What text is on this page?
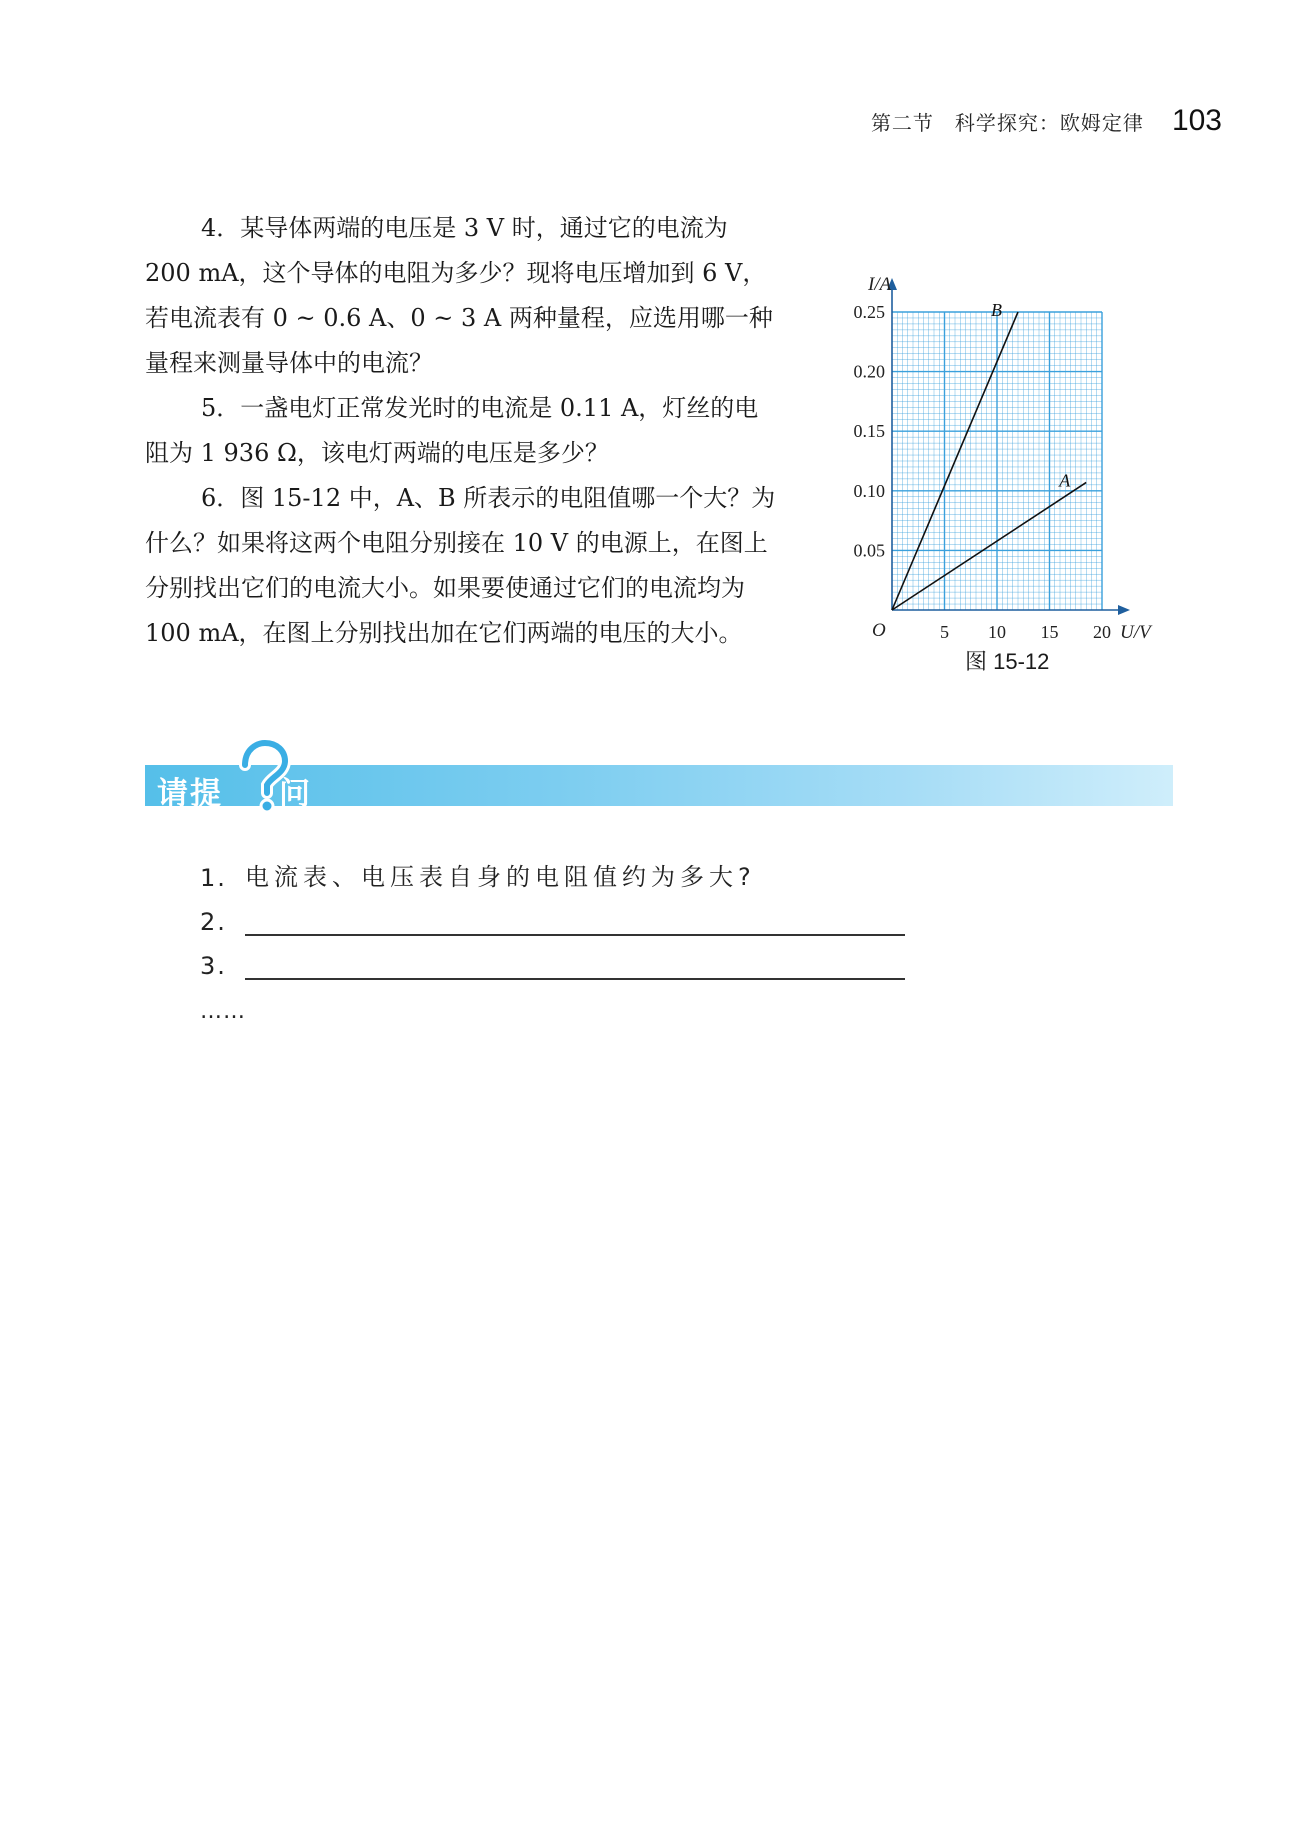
第二节　科学探究：欧姆定律 103
4．某导体两端的电压是 3 V 时，通过它的电流为
200 mA，这个导体的电阻为多少？现将电压增加到 6 V，
若电流表有 0 ~ 0.6 A、0 ~ 3 A 两种量程，应选用哪一种
量程来测量导体中的电流？
5．一盏电灯正常发光时的电流是 0.11 A，灯丝的电
阻为 1 936 Ω，该电灯两端的电压是多少？
6．图 15-12 中，A、B 所表示的电阻值哪一个大？为
什么？如果将这两个电阻分别接在 10 V 的电源上，在图上
分别找出它们的电流大小。如果要使通过它们的电流均为
100 mA，在图上分别找出加在它们两端的电压的大小。
0.05
0.10
0.15
0.20
0.25
5 10 15 20
I/A
U/V
O
B
A
图 15-12
请提 问
1. 电流表、电压表自身的电阻值约为多大?
2.
3.
……
